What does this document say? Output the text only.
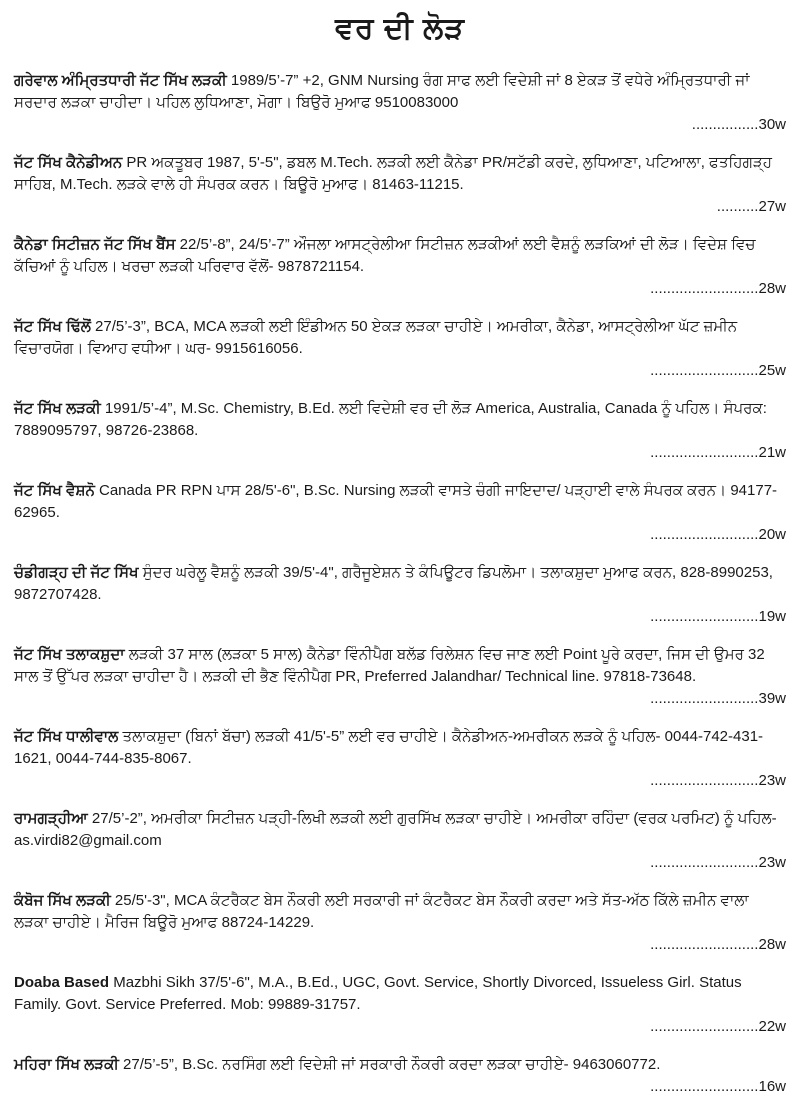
ਵਰ ਦੀ ਲੋੜ
ਗਰੇਵਾਲ ਅੰਮ੍ਰਿਤਧਾਰੀ ਜੱਟ ਸਿੱਖ ਲੜਕੀ 1989/5’-7” +2, GNM Nursing ਰੰਗ ਸਾਫ ਲਈ ਵਿਦੇਸ਼ੀ ਜਾਂ 8 ਏਕੜ ਤੋਂ ਵਧੇਰੇ ਅੰਮ੍ਰਿਤਧਾਰੀ ਜਾਂ ਸਰਦਾਰ ਲੜਕਾ ਚਾਹੀਦਾ। ਪਹਿਲ ਲੁਧਿਆਣਾ, ਮੋਗਾ। ਬਿਉਰੋ ਮੁਆਫ 9510083000
................30w
ਜੱਟ ਸਿੱਖ ਕੈਨੇਡੀਅਨ PR ਅਕਤੂਬਰ 1987, 5'-5", ਡਬਲ M.Tech. ਲੜਕੀ ਲਈ ਕੈਨੇਡਾ PR/ਸਟੱਡੀ ਕਰਦੇ, ਲੁਧਿਆਣਾ, ਪਟਿਆਲਾ, ਫਤਹਿਗੜ੍ਹ ਸਾਹਿਬ, M.Tech. ਲੜਕੇ ਵਾਲੇ ਹੀ ਸੰਪਰਕ ਕਰਨ। ਬਿਊਰੋ ਮੁਆਫ। 81463-11215.
..........27w
ਕੈਨੇਡਾ ਸਿਟੀਜ਼ਨ ਜੱਟ ਸਿੱਖ ਬੈਂਸ 22/5’-8”, 24/5’-7” ਔਜਲਾ ਆਸਟ੍ਰੇਲੀਆ ਸਿਟੀਜ਼ਨ ਲੜਕੀਆਂ ਲਈ ਵੈਸ਼ਨੂੰ ਲੜਕਿਆਂ ਦੀ ਲੋੜ। ਵਿਦੇਸ਼ ਵਿਚ ਕੱਚਿਆਂ ਨੂੰ ਪਹਿਲ। ਖਰਚਾ ਲੜਕੀ ਪਰਿਵਾਰ ਵੱਲੋਂ- 9878721154.
..........................28w
ਜੱਟ ਸਿੱਖ ਢਿੱਲੋਂ 27/5’-3”, BCA, MCA ਲੜਕੀ ਲਈ ਇੰਡੀਅਨ 50 ਏਕੜ ਲੜਕਾ ਚਾਹੀਏ। ਅਮਰੀਕਾ, ਕੈਨੇਡਾ, ਆਸਟ੍ਰੇਲੀਆ ਘੱਟ ਜ਼ਮੀਨ ਵਿਚਾਰਯੋਗ। ਵਿਆਹ ਵਧੀਆ। ਘਰ- 9915616056.
..........................25w
ਜੱਟ ਸਿੱਖ ਲੜਕੀ 1991/5’-4”, M.Sc. Chemistry, B.Ed. ਲਈ ਵਿਦੇਸ਼ੀ ਵਰ ਦੀ ਲੋੜ America, Australia, Canada ਨੂੰ ਪਹਿਲ। ਸੰਪਰਕ: 7889095797, 98726-23868.
..........................21w
ਜੱਟ ਸਿੱਖ ਵੈਸ਼ਨੋ Canada PR RPN ਪਾਸ 28/5'-6", B.Sc. Nursing ਲੜਕੀ ਵਾਸਤੇ ਚੰਗੀ ਜਾਇਦਾਦ/ ਪੜ੍ਹਾਈ ਵਾਲੇ ਸੰਪਰਕ ਕਰਨ। 94177-62965.
..........................20w
ਚੰਡੀਗੜ੍ਹ ਦੀ ਜੱਟ ਸਿੱਖ ਸੁੰਦਰ ਘਰੇਲੂ ਵੈਸ਼ਨੂੰ ਲੜਕੀ 39/5'-4", ਗਰੈਜੂਏਸ਼ਨ ਤੇ ਕੰਪਿਊਟਰ ਡਿਪਲੋਮਾ। ਤਲਾਕਸ਼ੁਦਾ ਮੁਆਫ ਕਰਨ, 828-8990253, 9872707428.
..........................19w
ਜੱਟ ਸਿੱਖ ਤਲਾਕਸ਼ੁਦਾ ਲੜਕੀ 37 ਸਾਲ (ਲੜਕਾ 5 ਸਾਲ) ਕੈਨੇਡਾ ਵਿੰਨੀਪੈਗ ਬਲੱਡ ਰਿਲੇਸ਼ਨ ਵਿਚ ਜਾਣ ਲਈ Point ਪੂਰੇ ਕਰਦਾ, ਜਿਸ ਦੀ ਉਮਰ 32 ਸਾਲ ਤੋਂ ਉੱਪਰ ਲੜਕਾ ਚਾਹੀਦਾ ਹੈ। ਲੜਕੀ ਦੀ ਭੈਣ ਵਿੰਨੀਪੈਗ PR, Preferred Jalandhar/ Technical line. 97818-73648.
..........................39w
ਜੱਟ ਸਿੱਖ ਧਾਲੀਵਾਲ ਤਲਾਕਸ਼ੁਦਾ (ਬਿਨਾਂ ਬੱਚਾ) ਲੜਕੀ 41/5'-5” ਲਈ ਵਰ ਚਾਹੀਏ। ਕੈਨੇਡੀਅਨ-ਅਮਰੀਕਨ ਲੜਕੇ ਨੂੰ ਪਹਿਲ- 0044-742-431-1621, 0044-744-835-8067.
..........................23w
ਰਾਮਗੜ੍ਹੀਆ 27/5’-2”, ਅਮਰੀਕਾ ਸਿਟੀਜ਼ਨ ਪੜ੍ਹੀ-ਲਿਖੀ ਲੜਕੀ ਲਈ ਗੁਰਸਿੱਖ ਲੜਕਾ ਚਾਹੀਏ। ਅਮਰੀਕਾ ਰਹਿੰਦਾ (ਵਰਕ ਪਰਮਿਟ) ਨੂੰ ਪਹਿਲ- as.virdi82@gmail.com
..........................23w
ਕੰਬੋਜ ਸਿੱਖ ਲੜਕੀ 25/5'-3", MCA ਕੰਟਰੈਕਟ ਬੇਸ ਨੌਕਰੀ ਲਈ ਸਰਕਾਰੀ ਜਾਂ ਕੰਟਰੈਕਟ ਬੇਸ ਨੌਕਰੀ ਕਰਦਾ ਅਤੇ ਸੱਤ-ਅੱਠ ਕਿੱਲੇ ਜ਼ਮੀਨ ਵਾਲਾ ਲੜਕਾ ਚਾਹੀਏ। ਮੈਰਿਜ ਬਿਊਰੋ ਮੁਆਫ 88724-14229.
..........................28w
Doaba Based Mazbhi Sikh 37/5'-6", M.A., B.Ed., UGC, Govt. Service, Shortly Divorced, Issueless Girl. Status Family. Govt. Service Preferred. Mob: 99889-31757.
..........................22w
ਮਹਿਰਾ ਸਿੱਖ ਲੜਕੀ 27/5’-5”, B.Sc. ਨਰਸਿੰਗ ਲਈ ਵਿਦੇਸ਼ੀ ਜਾਂ ਸਰਕਾਰੀ ਨੌਕਰੀ ਕਰਦਾ ਲੜਕਾ ਚਾਹੀਏ- 9463060772.
..........................16w
